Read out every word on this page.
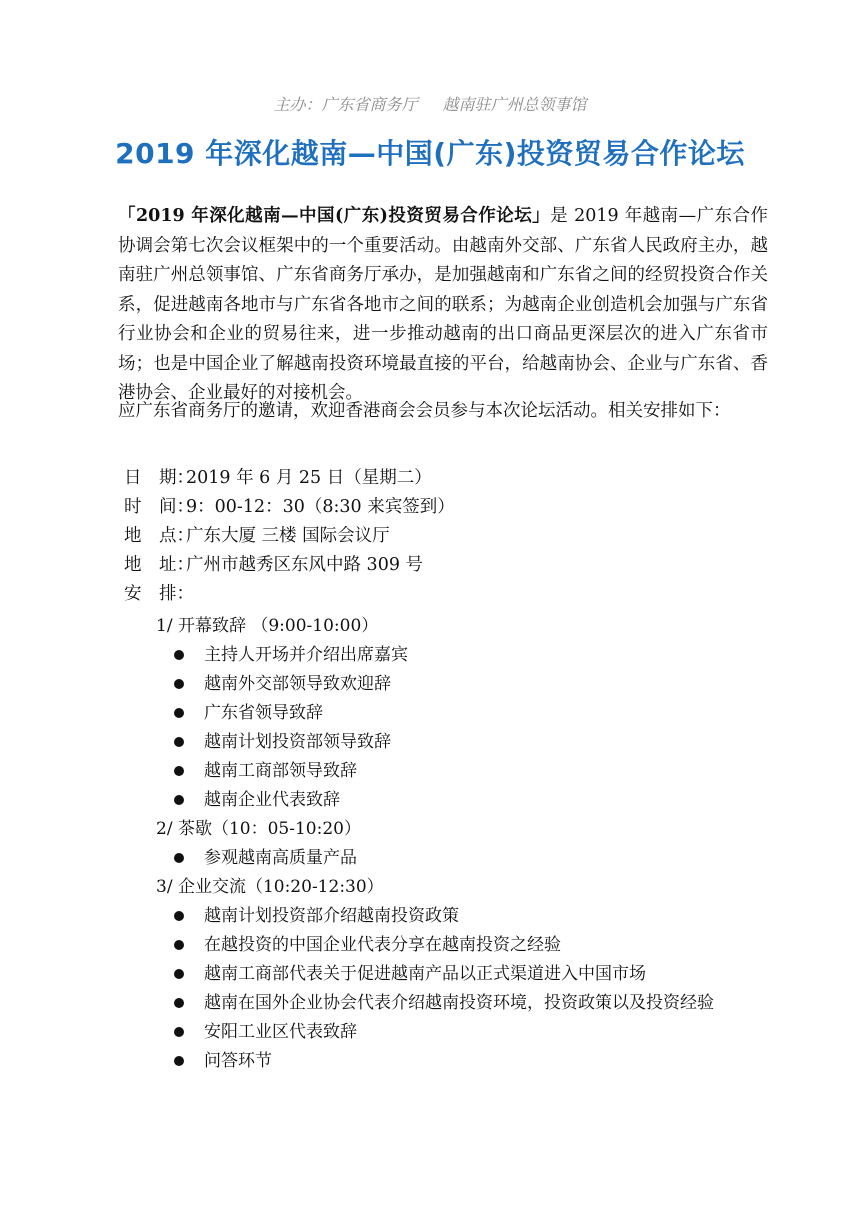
主办：广东省商务厅 越南驻广州总领事馆
2019 年深化越南—中国(广东)投资贸易合作论坛
「2019 年深化越南—中国(广东)投资贸易合作论坛」是 2019 年越南—广东合作协调会第七次会议框架中的一个重要活动。由越南外交部、广东省人民政府主办，越南驻广州总领事馆、广东省商务厅承办，是加强越南和广东省之间的经贸投资合作关系，促进越南各地市与广东省各地市之间的联系；为越南企业创造机会加强与广东省行业协会和企业的贸易往来，进一步推动越南的出口商品更深层次的进入广东省市场；也是中国企业了解越南投资环境最直接的平台，给越南协会、企业与广东省、香港协会、企业最好的对接机会。
应广东省商务厅的邀请，欢迎香港商会会员参与本次论坛活动。相关安排如下：
日　期：2019 年 6 月 25 日（星期二）
时　间：9：00-12：30（8:30 来宾签到）
地　点：广东大厦 三楼 国际会议厅
地　址：广州市越秀区东风中路 309 号
安　排：
1/ 开幕致辞 （9:00-10:00）
主持人开场并介绍出席嘉宾
越南外交部领导致欢迎辞
广东省领导致辞
越南计划投资部领导致辞
越南工商部领导致辞
越南企业代表致辞
2/ 茶歇（10：05-10:20）
参观越南高质量产品
3/ 企业交流（10:20-12:30）
越南计划投资部介绍越南投资政策
在越投资的中国企业代表分享在越南投资之经验
越南工商部代表关于促进越南产品以正式渠道进入中国市场
越南在国外企业协会代表介绍越南投资环境，投资政策以及投资经验
安阳工业区代表致辞
问答环节
